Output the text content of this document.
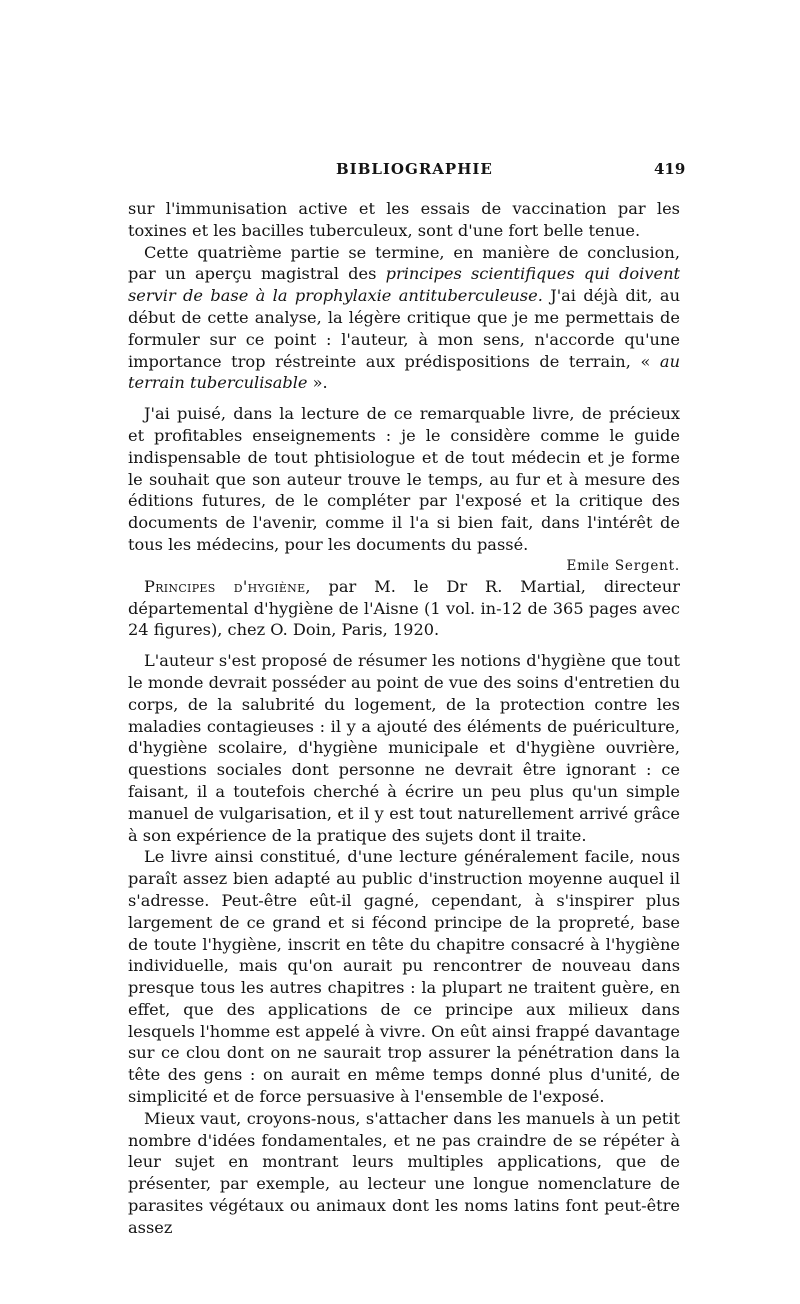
BIBLIOGRAPHIE	419

sur l'immunisation active et les essais de vaccination par les toxines et les bacilles tuberculeux, sont d'une fort belle tenue.

Cette quatrième partie se termine, en manière de conclusion, par un aperçu magistral des principes scientifiques qui doivent servir de base à la prophylaxie antituberculeuse. J'ai déjà dit, au début de cette analyse, la légère critique que je me permettais de formuler sur ce point : l'auteur, à mon sens, n'accorde qu'une importance trop réstreinte aux prédispositions de terrain, « au terrain tuberculisable ».

J'ai puisé, dans la lecture de ce remarquable livre, de précieux et profitables enseignements : je le considère comme le guide indispensable de tout phtisiologue et de tout médecin et je forme le souhait que son auteur trouve le temps, au fur et à mesure des éditions futures, de le compléter par l'exposé et la critique des documents de l'avenir, comme il l'a si bien fait, dans l'intérêt de tous les médecins, pour les documents du passé.

Emile Sergent.

Principes d'hygiène, par M. le Dr R. Martial, directeur départemental d'hygiène de l'Aisne (1 vol. in-12 de 365 pages avec 24 figures), chez O. Doin, Paris, 1920.

L'auteur s'est proposé de résumer les notions d'hygiène que tout le monde devrait posséder au point de vue des soins d'entretien du corps, de la salubrité du logement, de la protection contre les maladies contagieuses : il y a ajouté des éléments de puériculture, d'hygiène scolaire, d'hygiène municipale et d'hygiène ouvrière, questions sociales dont personne ne devrait être ignorant : ce faisant, il a toutefois cherché à écrire un peu plus qu'un simple manuel de vulgarisation, et il y est tout naturellement arrivé grâce à son expérience de la pratique des sujets dont il traite.

Le livre ainsi constitué, d'une lecture généralement facile, nous paraît assez bien adapté au public d'instruction moyenne auquel il s'adresse. Peut-être eût-il gagné, cependant, à s'inspirer plus largement de ce grand et si fécond principe de la propreté, base de toute l'hygiène, inscrit en tête du chapitre consacré à l'hygiène individuelle, mais qu'on aurait pu rencontrer de nouveau dans presque tous les autres chapitres : la plupart ne traitent guère, en effet, que des applications de ce principe aux milieux dans lesquels l'homme est appelé à vivre. On eût ainsi frappé davantage sur ce clou dont on ne saurait trop assurer la pénétration dans la tête des gens : on aurait en même temps donné plus d'unité, de simplicité et de force persuasive à l'ensemble de l'exposé.

Mieux vaut, croyons-nous, s'attacher dans les manuels à un petit nombre d'idées fondamentales, et ne pas craindre de se répéter à leur sujet en montrant leurs multiples applications, que de présenter, par exemple, au lecteur une longue nomenclature de parasites végétaux ou animaux dont les noms latins font peut-être assez
